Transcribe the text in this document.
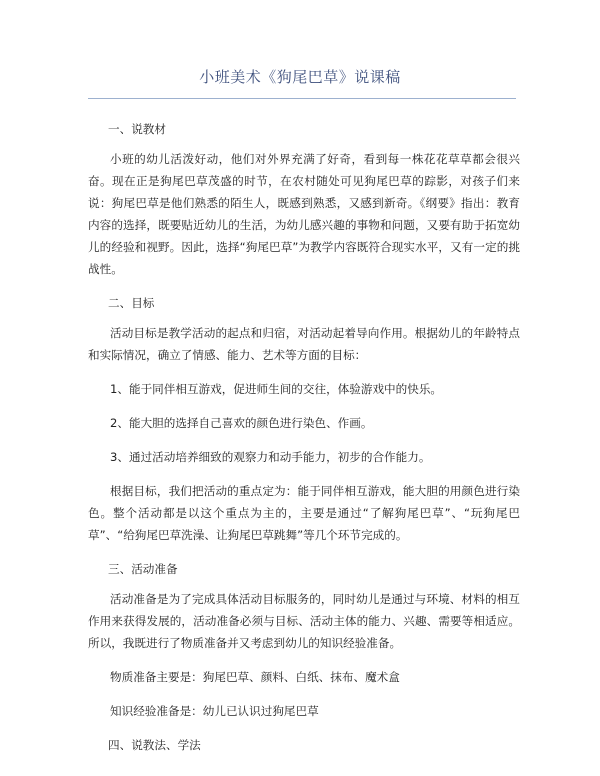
小班美术《狗尾巴草》说课稿
一、说教材

小班的幼儿活泼好动，他们对外界充满了好奇，看到每一株花花草草都会很兴奋。现在正是狗尾巴草茂盛的时节，在农村随处可见狗尾巴草的踪影，对孩子们来说：狗尾巴草是他们熟悉的陌生人，既感到熟悉，又感到新奇。《纲要》指出：教育内容的选择，既要贴近幼儿的生活，为幼儿感兴趣的事物和问题，又要有助于拓宽幼儿的经验和视野。因此，选择“狗尾巴草”为教学内容既符合现实水平，又有一定的挑战性。

二、目标

活动目标是教学活动的起点和归宿，对活动起着导向作用。根据幼儿的年龄特点和实际情况，确立了情感、能力、艺术等方面的目标：

1、能于同伴相互游戏，促进师生间的交往，体验游戏中的快乐。
2、能大胆的选择自己喜欢的颜色进行染色、作画。
3、通过活动培养细致的观察力和动手能力，初步的合作能力。

根据目标，我们把活动的重点定为：能于同伴相互游戏，能大胆的用颜色进行染色。整个活动都是以这个重点为主的，主要是通过“了解狗尾巴草”、“玩狗尾巴草”、“给狗尾巴草洗澡、让狗尾巴草跳舞”等几个环节完成的。

三、活动准备

活动准备是为了完成具体活动目标服务的，同时幼儿是通过与环境、材料的相互作用来获得发展的，活动准备必须与目标、活动主体的能力、兴趣、需要等相适应。所以，我既进行了物质准备并又考虑到幼儿的知识经验准备。

物质准备主要是：狗尾巴草、颜料、白纸、抹布、魔术盒
知识经验准备是：幼儿已认识过狗尾巴草
四、说教法、学法
